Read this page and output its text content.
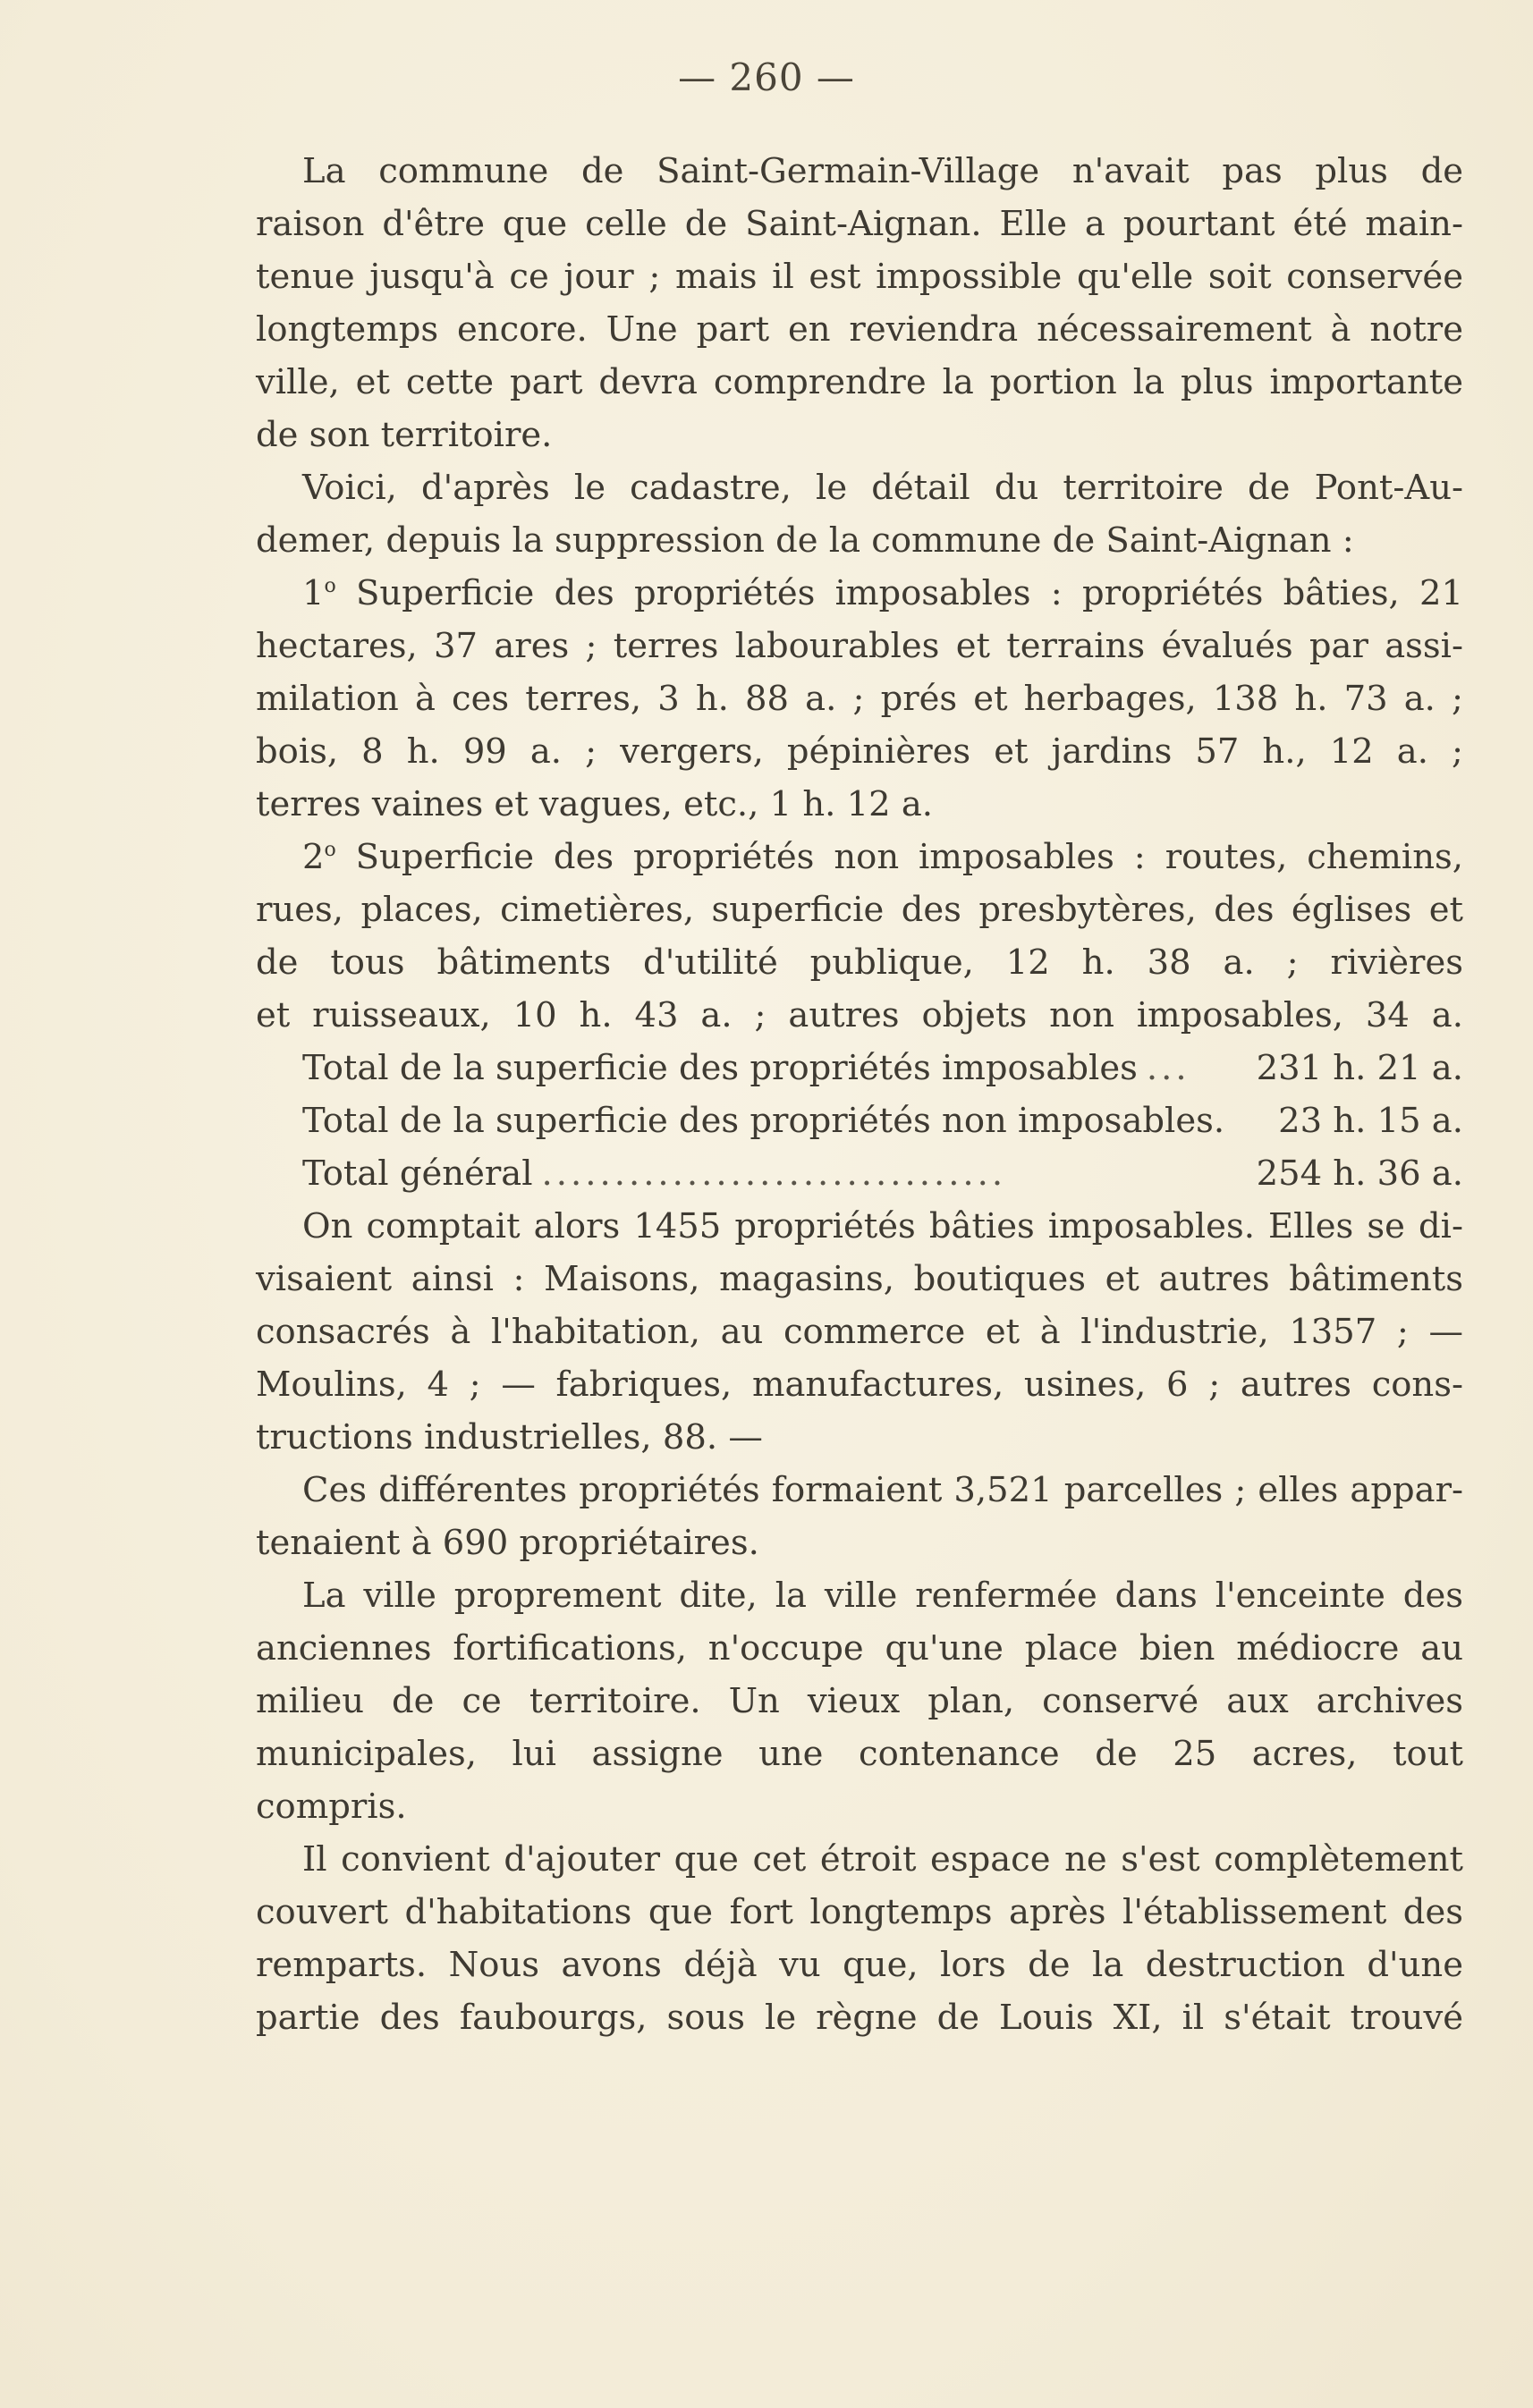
— 260 —
La commune de Saint-Germain-Village n'avait pas plus de
raison d'être que celle de Saint-Aignan. Elle a pourtant été main-
tenue jusqu'à ce jour ; mais il est impossible qu'elle soit conservée
longtemps encore. Une part en reviendra nécessairement à notre
ville, et cette part devra comprendre la portion la plus importante
de son territoire.
Voici, d'après le cadastre, le détail du territoire de Pont-Au-
demer, depuis la suppression de la commune de Saint-Aignan :
1$^o$ Superficie des propriétés imposables : propriétés bâties, 21
hectares, 37 ares ; terres labourables et terrains évalués par assi-
milation à ces terres, 3 h. 88 a. ; prés et herbages, 138 h. 73 a. ;
bois, 8 h. 99 a. ; vergers, pépinières et jardins 57 h., 12 a. ;
terres vaines et vagues, etc., 1 h. 12 a.
2$^o$ Superficie des propriétés non imposables : routes, chemins,
rues, places, cimetières, superficie des presbytères, des églises et
de tous bâtiments d'utilité publique, 12 h. 38 a. ; rivières
et ruisseaux, 10 h. 43 a. ; autres objets non imposables, 34 a.
Total de la superficie des propriétés imposables ...	231 h. 21 a.
Total de la superficie des propriétés non imposables. 23 h. 15 a.
Total général ................................	254 h. 36 a.
On comptait alors 1455 propriétés bâties imposables. Elles se di-
visaient ainsi : Maisons, magasins, boutiques et autres bâtiments
consacrés à l'habitation, au commerce et à l'industrie, 1357 ; —
Moulins, 4 ; — fabriques, manufactures, usines, 6 ; autres cons-
tructions industrielles, 88. —
Ces différentes propriétés formaient 3,521 parcelles ; elles appar-
tenaient à 690 propriétaires.
La ville proprement dite, la ville renfermée dans l'enceinte des
anciennes fortifications, n'occupe qu'une place bien médiocre au
milieu de ce territoire. Un vieux plan, conservé aux archives
municipales, lui assigne une contenance de 25 acres, tout
compris.
Il convient d'ajouter que cet étroit espace ne s'est complètement
couvert d'habitations que fort longtemps après l'établissement des
remparts. Nous avons déjà vu que, lors de la destruction d'une
partie des faubourgs, sous le règne de Louis XI, il s'était trouvé
